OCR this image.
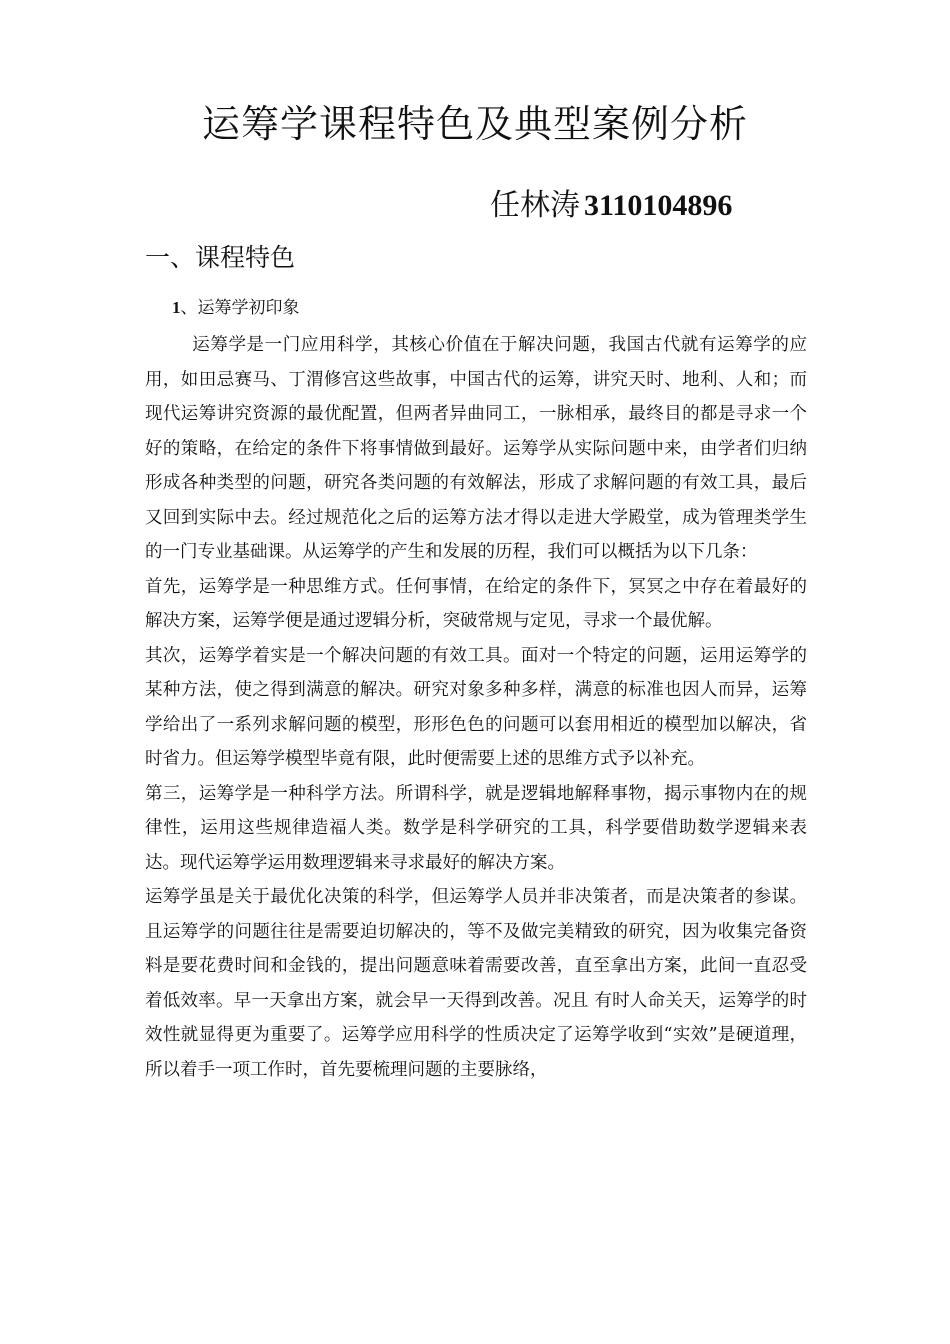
运筹学课程特色及典型案例分析
任林涛 3110104896
一、课程特色
1、运筹学初印象

运筹学是一门应用科学，其核心价值在于解决问题，我国古代就有运筹学的应用，如田忌赛马、丁渭修宫这些故事，中国古代的运筹，讲究天时、地利、人和；而现代运筹讲究资源的最优配置，但两者异曲同工，一脉相承，最终目的都是寻求一个好的策略，在给定的条件下将事情做到最好。运筹学从实际问题中来，由学者们归纳形成各种类型的问题，研究各类问题的有效解法，形成了求解问题的有效工具，最后又回到实际中去。经过规范化之后的运筹方法才得以走进大学殿堂，成为管理类学生的一门专业基础课。从运筹学的产生和发展的历程，我们可以概括为以下几条：

首先，运筹学是一种思维方式。任何事情，在给定的条件下，冥冥之中存在着最好的解决方案，运筹学便是通过逻辑分析，突破常规与定见，寻求一个最优解。

其次，运筹学着实是一个解决问题的有效工具。面对一个特定的问题，运用运筹学的某种方法，使之得到满意的解决。研究对象多种多样，满意的标准也因人而异，运筹学给出了一系列求解问题的模型，形形色色的问题可以套用相近的模型加以解决，省时省力。但运筹学模型毕竟有限，此时便需要上述的思维方式予以补充。

第三，运筹学是一种科学方法。所谓科学，就是逻辑地解释事物，揭示事物内在的规律性，运用这些规律造福人类。数学是科学研究的工具，科学要借助数学逻辑来表达。现代运筹学运用数理逻辑来寻求最好的解决方案。

运筹学虽是关于最优化决策的科学，但运筹学人员并非决策者，而是决策者的参谋。且运筹学的问题往往是需要迫切解决的，等不及做完美精致的研究，因为收集完备资料是要花费时间和金钱的，提出问题意味着需要改善，直至拿出方案，此间一直忍受着低效率。早一天拿出方案，就会早一天得到改善。况且 有时人命关天，运筹学的时效性就显得更为重要了。运筹学应用科学的性质决定了运筹学收到“实效”是硬道理，所以着手一项工作时，首先要梳理问题的主要脉络，
